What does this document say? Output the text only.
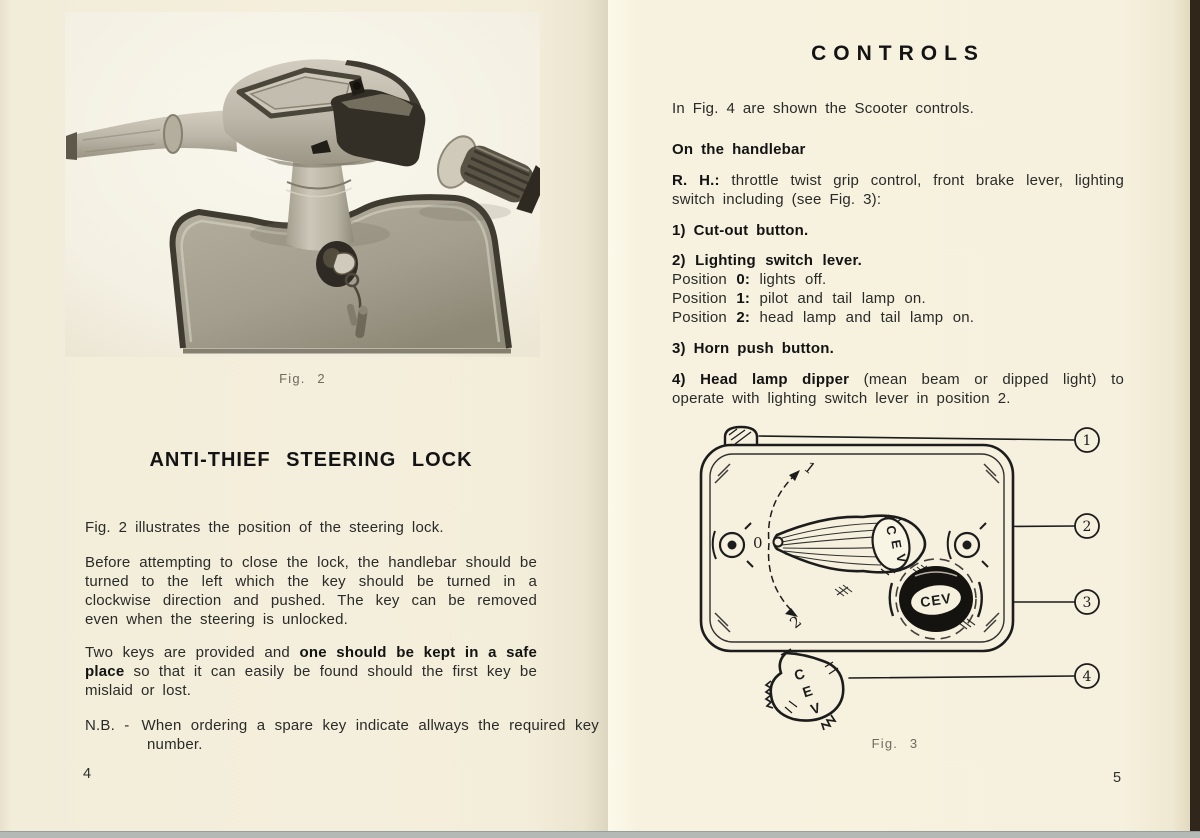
Fig. 2
ANTI-THIEF STEERING LOCK

Fig. 2 illustrates the position of the steering lock.

Before attempting to close the lock, the handlebar should be turned to the left which the key should be turned in a clockwise direction and pushed. The key can be removed even when the steering is unlocked.

Two keys are provided and one should be kept in a safe place so that it can easily be found should the first key be mislaid or lost.

N.B. - When ordering a spare key indicate allways the required key number.

4
CONTROLS

In Fig. 4 are shown the Scooter controls.

On the handlebar

R. H.: throttle twist grip control, front brake lever, lighting switch including (see Fig. 3):

1) Cut-out button.

2) Lighting switch lever.
Position 0: lights off.
Position 1: pilot and tail lamp on.
Position 2: head lamp and tail lamp on.

3) Horn push button.

4) Head lamp dipper (mean beam or dipped light) to operate with lighting switch lever in position 2.

1
0
2
C
E
V
CEV
C
E
V
1
2
3
4
Fig. 3
5
